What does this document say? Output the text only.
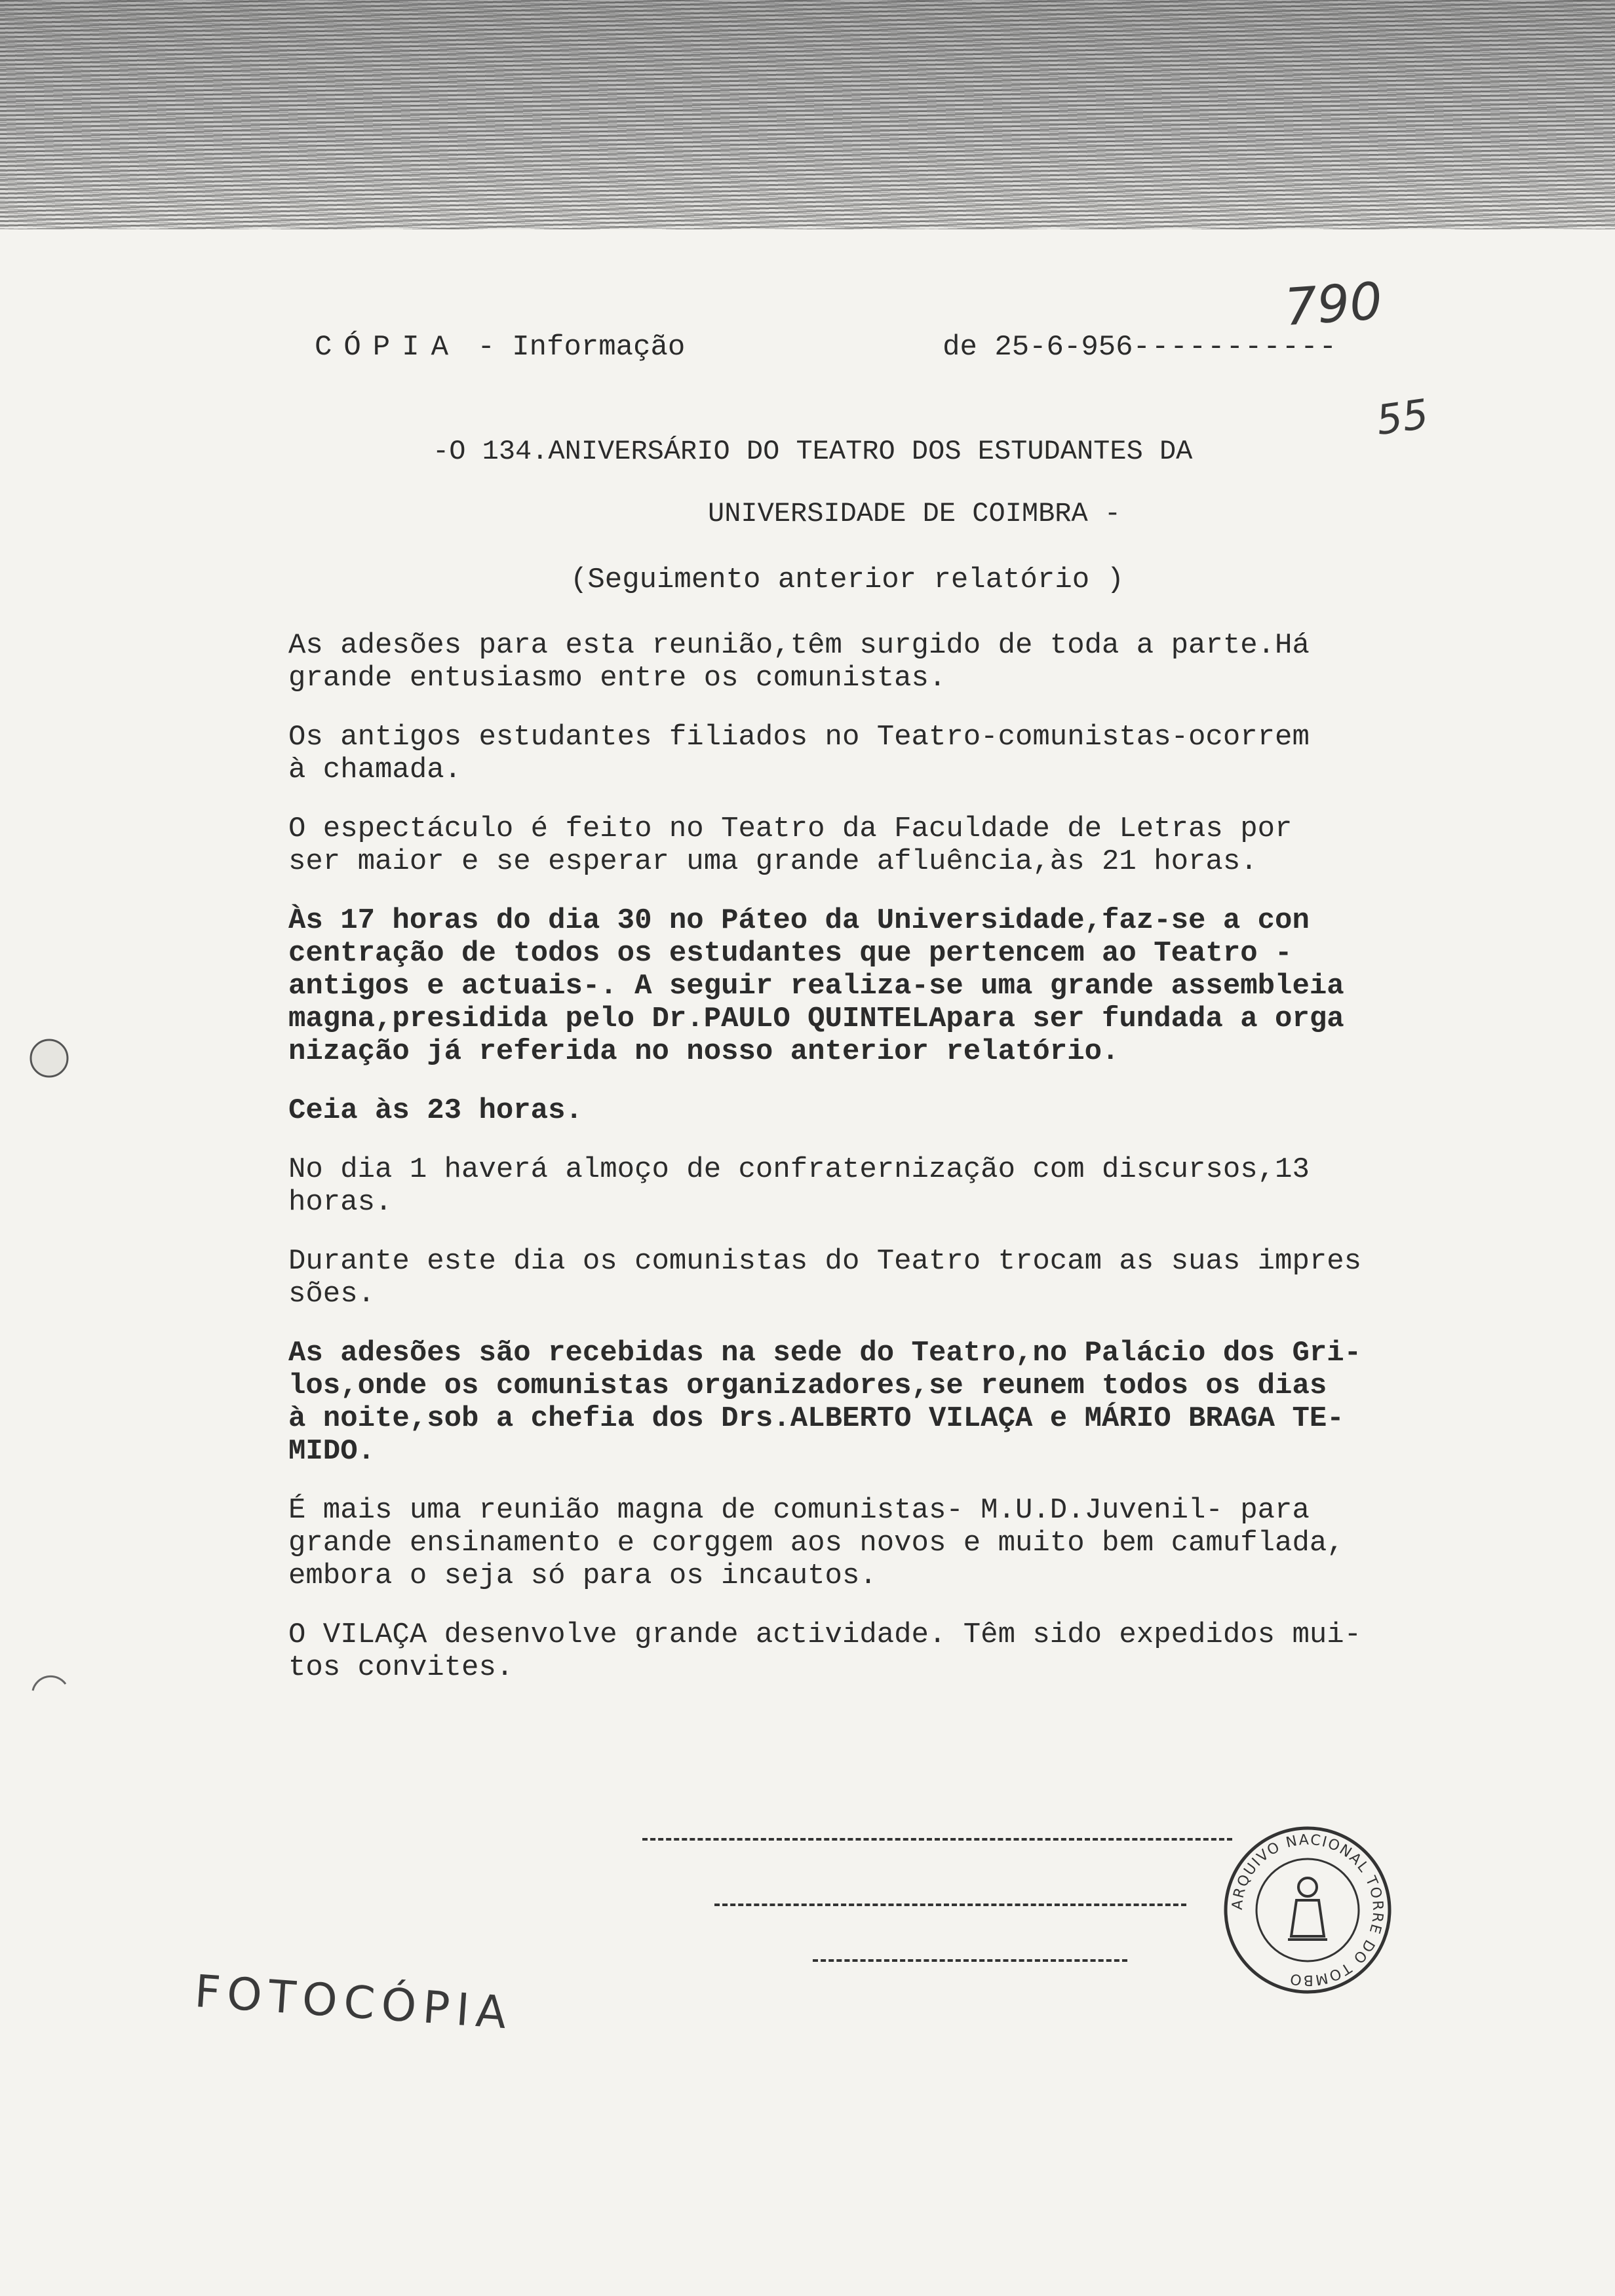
790
55
CÓPIA - Informação	de 25-6-956-----------
-O 134.ANIVERSÁRIO DO TEATRO DOS ESTUDANTES DA
UNIVERSIDADE DE COIMBRA -
(Seguimento anterior relatório )

As adesões para esta reunião,têm surgido de toda a parte.Há
grande entusiasmo entre os comunistas.

Os antigos estudantes filiados no Teatro-comunistas-ocorrem
à chamada.

O espectáculo é feito no Teatro da Faculdade de Letras por
ser maior e se esperar uma grande afluência,às 21 horas.

Às 17 horas do dia 30 no Páteo da Universidade,faz-se a con
centração de todos os estudantes que pertencem ao Teatro -
antigos e actuais-. A seguir realiza-se uma grande assembleia
magna,presidida pelo Dr.PAULO QUINTELApara ser fundada a orga
nização já referida no nosso anterior relatório.

Ceia às 23 horas.

No dia 1 haverá almoço de confraternização com discursos,13
horas.

Durante este dia os comunistas do Teatro trocam as suas impres
sões.

As adesões são recebidas na sede do Teatro,no Palácio dos Gri-
los,onde os comunistas organizadores,se reunem todos os dias
à noite,sob a chefia dos Drs.ALBERTO VILAÇA e MÁRIO BRAGA TE-
MIDO.

É mais uma reunião magna de comunistas- M.U.D.Juvenil- para
grande ensinamento e corggem aos novos e muito bem camuflada,
embora o seja só para os incautos.

O VILAÇA desenvolve grande actividade. Têm sido expedidos mui-
tos convites.

ARQUIVO NACIONAL TORRE DO TOMBO
FOTOCÓPIA
